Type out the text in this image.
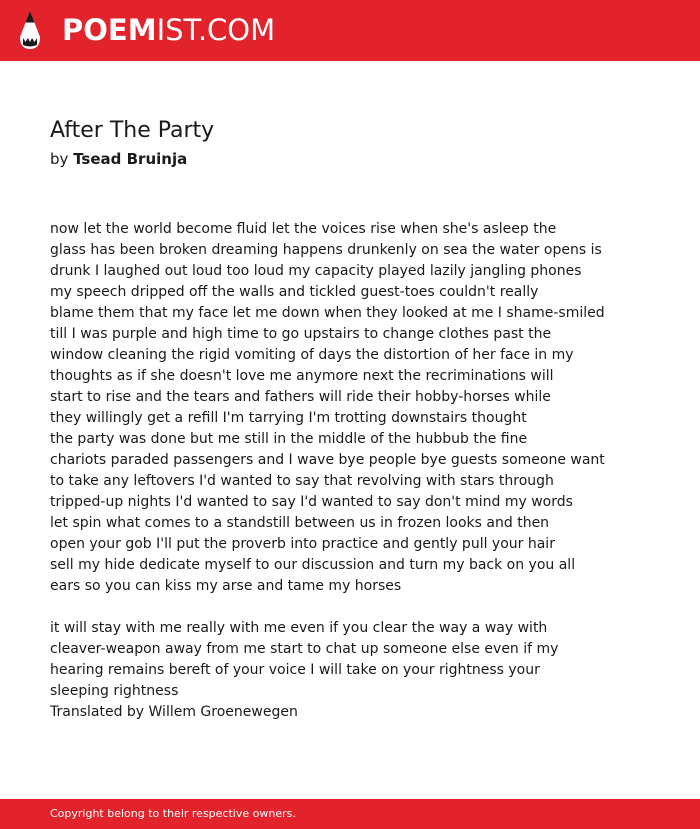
POEMIST.COM
After The Party
by Tsead Bruinja
now let the world become fluid let the voices rise when she's asleep the
glass has been broken dreaming happens drunkenly on sea the water opens is
drunk I laughed out loud too loud my capacity played lazily jangling phones
my speech dripped off the walls and tickled guest-toes couldn't really
blame them that my face let me down when they looked at me I shame-smiled
till I was purple and high time to go upstairs to change clothes past the
window cleaning the rigid vomiting of days the distortion of her face in my
thoughts as if she doesn't love me anymore next the recriminations will
start to rise and the tears and fathers will ride their hobby-horses while
they willingly get a refill I'm tarrying I'm trotting downstairs thought
the party was done but me still in the middle of the hubbub the fine
chariots paraded passengers and I wave bye people bye guests someone want
to take any leftovers I'd wanted to say that revolving with stars through
tripped-up nights I'd wanted to say I'd wanted to say don't mind my words
let spin what comes to a standstill between us in frozen looks and then
open your gob I'll put the proverb into practice and gently pull your hair
sell my hide dedicate myself to our discussion and turn my back on you all
ears so you can kiss my arse and tame my horses
it will stay with me really with me even if you clear the way a way with
cleaver-weapon away from me start to chat up someone else even if my
hearing remains bereft of your voice I will take on your rightness your
sleeping rightness
Translated by Willem Groenewegen
Copyright belong to their respective owners.
